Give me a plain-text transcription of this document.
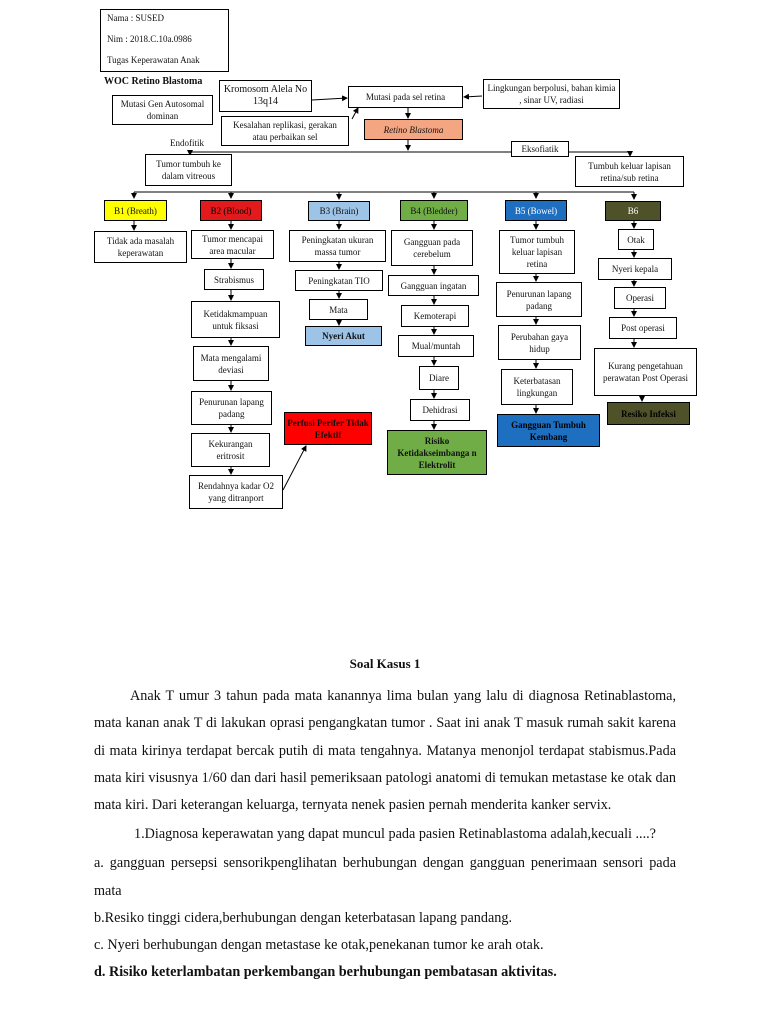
Nama : SUSED
Nim : 2018.C.10a.0986
Tugas Keperawatan Anak
WOC Retino Blastoma
Mutasi Gen Autosomal dominan
Kromosom Alela No 13q14
Kesalahan replikasi, gerakan atau perbaikan sel
Mutasi pada sel retina
Lingkungan berpolusi, bahan kimia , sinar UV, radiasi
Retino Blastoma
Endofitik
Eksofiatik
Tumor tumbuh ke dalam vitreous
Tumbuh keluar lapisan retina/sub retina
B1 (Breath)	B2 (Blood)	B3 (Brain)	B4 (Bledder)	B5 (Bowel)	B6
Tidak ada masalah keperawatan
Tumor mencapai area macular
Strabismus
Ketidakmampuan untuk fiksasi
Mata mengalami deviasi
Penurunan lapang padang
Kekurangan eritrosit
Rendahnya kadar O2 yang ditranport
Perfusi Perifer Tidak Efektif
Peningkatan ukuran massa tumor
Peningkatan TIO
Mata
Nyeri Akut
Gangguan pada cerebelum
Gangguan ingatan
Kemoterapi
Mual/muntah
Diare
Dehidrasi
Risiko Ketidakseimbanga n Elektrolit
Tumor tumbuh keluar lapisan retina
Penurunan lapang padang
Perubahan gaya hidup
Keterbatasan lingkungan
Gangguan Tumbuh Kembang
Otak
Nyeri kepala
Operasi
Post operasi
Kurang pengetahuan perawatan Post Operasi
Resiko Infeksi
Soal Kasus 1

Anak T umur 3 tahun pada mata kanannya lima bulan yang lalu di diagnosa Retinablastoma, mata kanan anak T di lakukan oprasi pengangkatan tumor . Saat ini anak T masuk rumah sakit karena di mata kirinya terdapat bercak putih di mata tengahnya. Matanya menonjol terdapat stabismus.Pada mata kiri visusnya 1/60 dan dari hasil pemeriksaan patologi anatomi di temukan metastase ke otak dan mata kiri. Dari keterangan keluarga, ternyata nenek pasien pernah menderita kanker servix.

1.Diagnosa keperawatan yang dapat muncul pada pasien Retinablastoma adalah,kecuali ....?

a. gangguan persepsi sensorikpenglihatan berhubungan dengan gangguan penerimaan sensori pada mata

b.Resiko tinggi cidera,berhubungan dengan keterbatasan lapang pandang.

c. Nyeri berhubungan dengan metastase ke otak,penekanan tumor ke arah otak.

d. Risiko keterlambatan perkembangan berhubungan pembatasan aktivitas.
